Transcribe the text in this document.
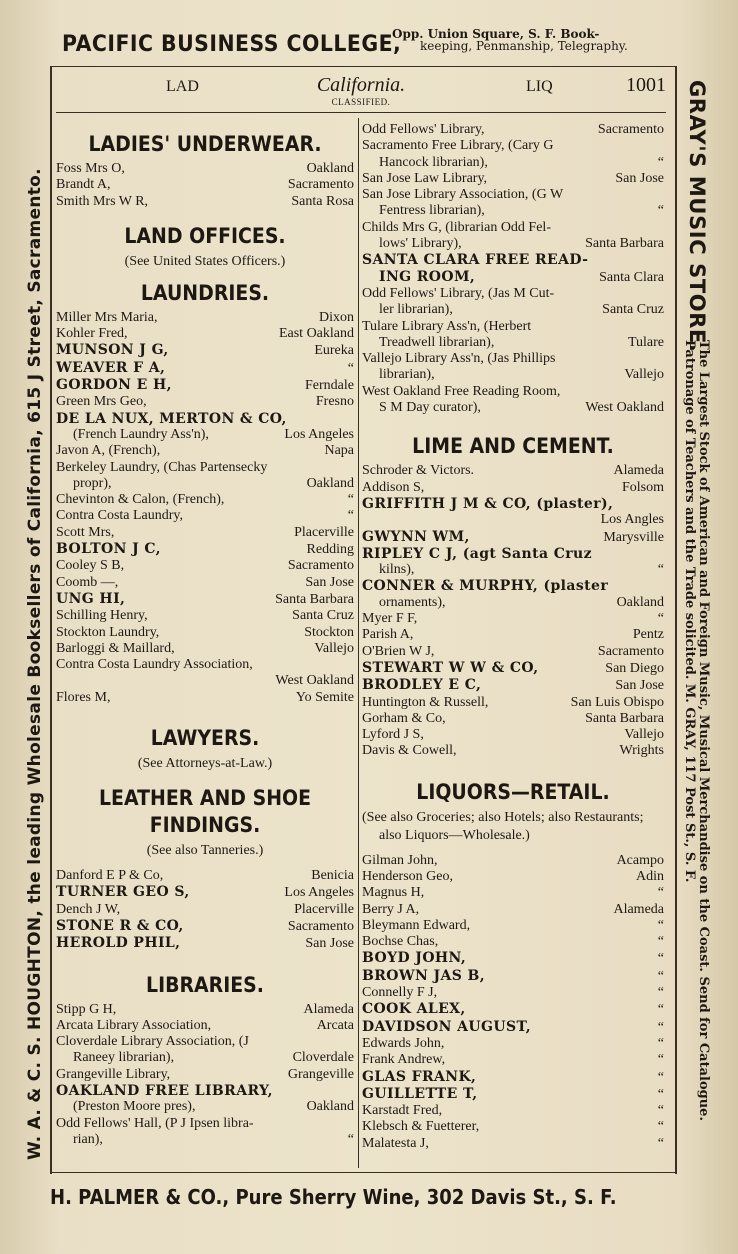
PACIFIC BUSINESS COLLEGE,
Opp. Union Square, S. F. Book-
keeping, Penmanship, Telegraphy.
W. A. & C. S. HOUGHTON, the leading Wholesale Booksellers of California, 615 J Street, Sacramento.	GRAY'S MUSIC STORE.
The Largest Stock of American and Foreign Music, Musical Merchandise on the Coast. Send for Catalogue. Patronage of Teachers and the Trade solicited. M. GRAY, 117 Post St., S. F.
LAD	California.
CLASSIFIED.
LIQ	1001
LADIES' UNDERWEAR.
Foss Mrs O,	Oakland
Brandt A,	Sacramento
Smith Mrs W R,	Santa Rosa
LAND OFFICES.
(See United States Officers.)
LAUNDRIES.
Miller Mrs Maria,	Dixon
Kohler Fred,	East Oakland
MUNSON J G,	Eureka
WEAVER F A,	“
GORDON E H,	Ferndale
Green Mrs Geo,	Fresno
DE LA NUX, MERTON & CO,
(French Laundry Ass'n),	Los Angeles
Javon A, (French),	Napa
Berkeley Laundry, (Chas Partensecky
propr),	Oakland
Chevinton & Calon, (French),	“
Contra Costa Laundry,	“
Scott Mrs,	Placerville
BOLTON J C,	Redding
Cooley S B,	Sacramento
Coomb —,	San Jose
UNG HI,	Santa Barbara
Schilling Henry,	Santa Cruz
Stockton Laundry,	Stockton
Barloggi & Maillard,	Vallejo
Contra Costa Laundry Association,
West Oakland
Flores M,	Yo Semite
LAWYERS.
(See Attorneys-at-Law.)
LEATHER AND SHOE FINDINGS.
(See also Tanneries.)
Danford E P & Co,	Benicia
TURNER GEO S,	Los Angeles
Dench J W,	Placerville
STONE R & CO,	Sacramento
HEROLD PHIL,	San Jose
LIBRARIES.
Stipp G H,	Alameda
Arcata Library Association,	Arcata
Cloverdale Library Association, (J
Raneey librarian),	Cloverdale
Grangeville Library,	Grangeville
OAKLAND FREE LIBRARY,
(Preston Moore pres),	Oakland
Odd Fellows' Hall, (P J Ipsen libra-
rian),	“
Odd Fellows' Library,	Sacramento
Sacramento Free Library, (Cary G
Hancock librarian),	“
San Jose Law Library,	San Jose
San Jose Library Association, (G W
Fentress librarian),	“
Childs Mrs G, (librarian Odd Fel-
lows' Library),	Santa Barbara
SANTA CLARA FREE READ-
ING ROOM,	Santa Clara
Odd Fellows' Library, (Jas M Cut-
ler librarian),	Santa Cruz
Tulare Library Ass'n, (Herbert
Treadwell librarian),	Tulare
Vallejo Library Ass'n, (Jas Phillips
librarian),	Vallejo
West Oakland Free Reading Room,
S M Day curator),	West Oakland
LIME AND CEMENT.
Schroder & Victors.	Alameda
Addison S,	Folsom
GRIFFITH J M & CO, (plaster),
Los Angles
GWYNN WM,	Marysville
RIPLEY C J, (agt Santa Cruz
kilns),	“
CONNER & MURPHY, (plaster
ornaments),	Oakland
Myer F F,	“
Parish A,	Pentz
O'Brien W J,	Sacramento
STEWART W W & CO,	San Diego
BRODLEY E C,	San Jose
Huntington & Russell,	San Luis Obispo
Gorham & Co,	Santa Barbara
Lyford J S,	Vallejo
Davis & Cowell,	Wrights
LIQUORS—RETAIL.
(See also Groceries; also Hotels; also Restaurants; also Liquors—Wholesale.)
Gilman John,	Acampo
Henderson Geo,	Adin
Magnus H,	“
Berry J A,	Alameda
Bleymann Edward,	“
Bochse Chas,	“
BOYD JOHN,	“
BROWN JAS B,	“
Connelly F J,	“
COOK ALEX,	“
DAVIDSON AUGUST,	“
Edwards John,	“
Frank Andrew,	“
GLAS FRANK,	“
GUILLETTE T,	“
Karstadt Fred,	“
Klebsch & Fuetterer,	“
Malatesta J,	“
H. PALMER & CO., Pure Sherry Wine, 302 Davis St., S. F.
